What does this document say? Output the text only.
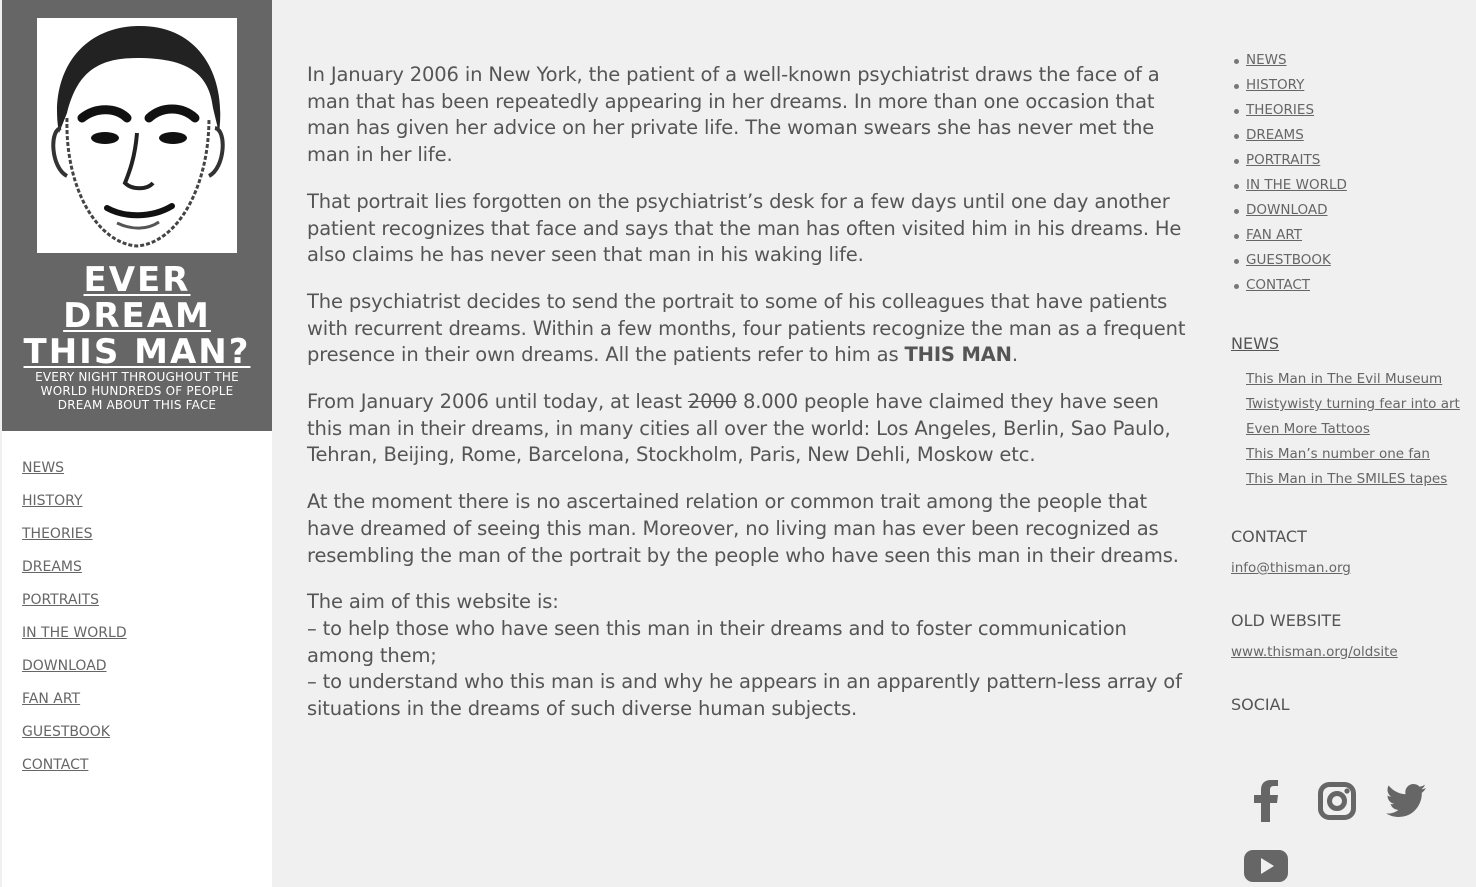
EVER
DREAM
THIS MAN?
EVERY NIGHT THROUGHOUT THE WORLD HUNDREDS OF PEOPLE DREAM ABOUT THIS FACE
NEWS
HISTORY
THEORIES
DREAMS
PORTRAITS
IN THE WORLD
DOWNLOAD
FAN ART
GUESTBOOK
CONTACT

In January 2006 in New York, the patient of a well-known psychiatrist draws the face of a man that has been repeatedly appearing in her dreams. In more than one occasion that man has given her advice on her private life. The woman swears she has never met the man in her life.

That portrait lies forgotten on the psychiatrist’s desk for a few days until one day another patient recognizes that face and says that the man has often visited him in his dreams. He also claims he has never seen that man in his waking life.

The psychiatrist decides to send the portrait to some of his colleagues that have patients with recurrent dreams. Within a few months, four patients recognize the man as a frequent presence in their own dreams. All the patients refer to him as THIS MAN.

From January 2006 until today, at least 2000 8.000 people have claimed they have seen this man in their dreams, in many cities all over the world: Los Angeles, Berlin, Sao Paulo, Tehran, Beijing, Rome, Barcelona, Stockholm, Paris, New Dehli, Moskow etc.

At the moment there is no ascertained relation or common trait among the people that have dreamed of seeing this man. Moreover, no living man has ever been recognized as resembling the man of the portrait by the people who have seen this man in their dreams.

The aim of this website is:
– to help those who have seen this man in their dreams and to foster communication among them;
– to understand who this man is and why he appears in an apparently pattern-less array of situations in the dreams of such diverse human subjects.

NEWS
HISTORY
THEORIES
DREAMS
PORTRAITS
IN THE WORLD
DOWNLOAD
FAN ART
GUESTBOOK
CONTACT
NEWS
This Man in The Evil Museum
Twistywisty turning fear into art
Even More Tattoos
This Man’s number one fan
This Man in The SMILES tapes
CONTACT
info@thisman.org
OLD WEBSITE
www.thisman.org/oldsite
SOCIAL
